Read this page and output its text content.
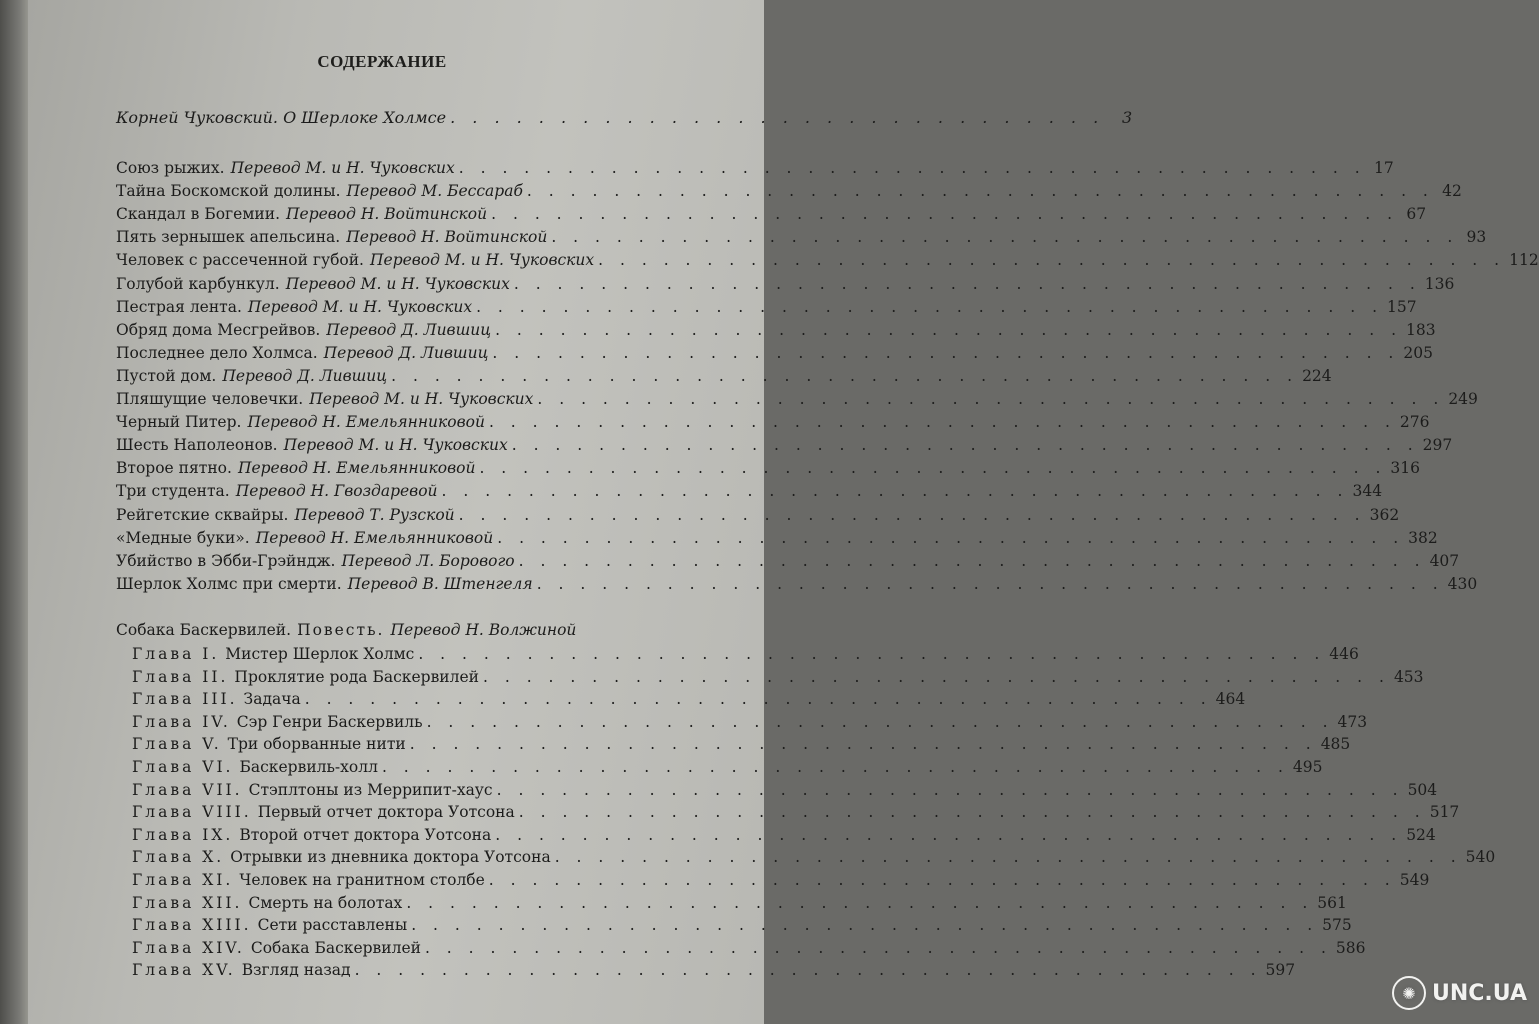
СОДЕРЖАНИЕ
Корней Чуковский. О Шерлоке Холмсе . . . . . . . . . . . . . . . . . . . . . . . . . . . . . .	3
Союз рыжих. Перевод М. и Н. Чуковских . . . . . . . . . . . . . . . . . . . . . . . . . . . . . . . . . . . . . . . . . . 17
Тайна Боскомской долины. Перевод М. Бессараб . . . . . . . . . . . . . . . . . . . . . . . . . . . . . . . . . . . . . . . . . . 42
Скандал в Богемии. Перевод Н. Войтинской . . . . . . . . . . . . . . . . . . . . . . . . . . . . . . . . . . . . . . . . . . 67
Пять зернышек апельсина. Перевод Н. Войтинской . . . . . . . . . . . . . . . . . . . . . . . . . . . . . . . . . . . . . . . . . . 93
Человек с рассеченной губой. Перевод М. и Н. Чуковских . . . . . . . . . . . . . . . . . . . . . . . . . . . . . . . . . . . . . . . . . . 112
Голубой карбункул. Перевод М. и Н. Чуковских . . . . . . . . . . . . . . . . . . . . . . . . . . . . . . . . . . . . . . . . . . 136
Пестрая лента. Перевод М. и Н. Чуковских . . . . . . . . . . . . . . . . . . . . . . . . . . . . . . . . . . . . . . . . . . 157
Обряд дома Месгрейвов. Перевод Д. Лившиц . . . . . . . . . . . . . . . . . . . . . . . . . . . . . . . . . . . . . . . . . . 183
Последнее дело Холмса. Перевод Д. Лившиц . . . . . . . . . . . . . . . . . . . . . . . . . . . . . . . . . . . . . . . . . . 205
Пустой дом. Перевод Д. Лившиц . . . . . . . . . . . . . . . . . . . . . . . . . . . . . . . . . . . . . . . . . . 224
Пляшущие человечки. Перевод М. и Н. Чуковских . . . . . . . . . . . . . . . . . . . . . . . . . . . . . . . . . . . . . . . . . . 249
Черный Питер. Перевод Н. Емельянниковой . . . . . . . . . . . . . . . . . . . . . . . . . . . . . . . . . . . . . . . . . . 276
Шесть Наполеонов. Перевод М. и Н. Чуковских . . . . . . . . . . . . . . . . . . . . . . . . . . . . . . . . . . . . . . . . . . 297
Второе пятно. Перевод Н. Емельянниковой . . . . . . . . . . . . . . . . . . . . . . . . . . . . . . . . . . . . . . . . . . 316
Три студента. Перевод Н. Гвоздаревой . . . . . . . . . . . . . . . . . . . . . . . . . . . . . . . . . . . . . . . . . . 344
Рейгетские сквайры. Перевод Т. Рузской . . . . . . . . . . . . . . . . . . . . . . . . . . . . . . . . . . . . . . . . . . 362
«Медные буки». Перевод Н. Емельянниковой . . . . . . . . . . . . . . . . . . . . . . . . . . . . . . . . . . . . . . . . . . 382
Убийство в Эбби-Грэйндж. Перевод Л. Борового . . . . . . . . . . . . . . . . . . . . . . . . . . . . . . . . . . . . . . . . . . 407
Шерлок Холмс при смерти. Перевод В. Штенгеля . . . . . . . . . . . . . . . . . . . . . . . . . . . . . . . . . . . . . . . . . . 430
Собака Баскервилей. Повесть. Перевод Н. Волжиной
Глава I. Мистер Шерлок Холмс . . . . . . . . . . . . . . . . . . . . . . . . . . . . . . . . . . . . . . . . . . 446
Глава II. Проклятие рода Баскервилей . . . . . . . . . . . . . . . . . . . . . . . . . . . . . . . . . . . . . . . . . . 453
Глава III. Задача . . . . . . . . . . . . . . . . . . . . . . . . . . . . . . . . . . . . . . . . . . 464
Глава IV. Сэр Генри Баскервиль . . . . . . . . . . . . . . . . . . . . . . . . . . . . . . . . . . . . . . . . . . 473
Глава V. Три оборванные нити . . . . . . . . . . . . . . . . . . . . . . . . . . . . . . . . . . . . . . . . . . 485
Глава VI. Баскервиль-холл . . . . . . . . . . . . . . . . . . . . . . . . . . . . . . . . . . . . . . . . . . 495
Глава VII. Стэплтоны из Меррипит-хаус . . . . . . . . . . . . . . . . . . . . . . . . . . . . . . . . . . . . . . . . . . 504
Глава VIII. Первый отчет доктора Уотсона . . . . . . . . . . . . . . . . . . . . . . . . . . . . . . . . . . . . . . . . . . 517
Глава IX. Второй отчет доктора Уотсона . . . . . . . . . . . . . . . . . . . . . . . . . . . . . . . . . . . . . . . . . . 524
Глава X. Отрывки из дневника доктора Уотсона . . . . . . . . . . . . . . . . . . . . . . . . . . . . . . . . . . . . . . . . . . 540
Глава XI. Человек на гранитном столбе . . . . . . . . . . . . . . . . . . . . . . . . . . . . . . . . . . . . . . . . . . 549
Глава XII. Смерть на болотах . . . . . . . . . . . . . . . . . . . . . . . . . . . . . . . . . . . . . . . . . . 561
Глава XIII. Сети расставлены . . . . . . . . . . . . . . . . . . . . . . . . . . . . . . . . . . . . . . . . . . 575
Глава XIV. Собака Баскервилей . . . . . . . . . . . . . . . . . . . . . . . . . . . . . . . . . . . . . . . . . . 586
Глава XV. Взгляд назад . . . . . . . . . . . . . . . . . . . . . . . . . . . . . . . . . . . . . . . . . . 597
✺ UNC.UA
